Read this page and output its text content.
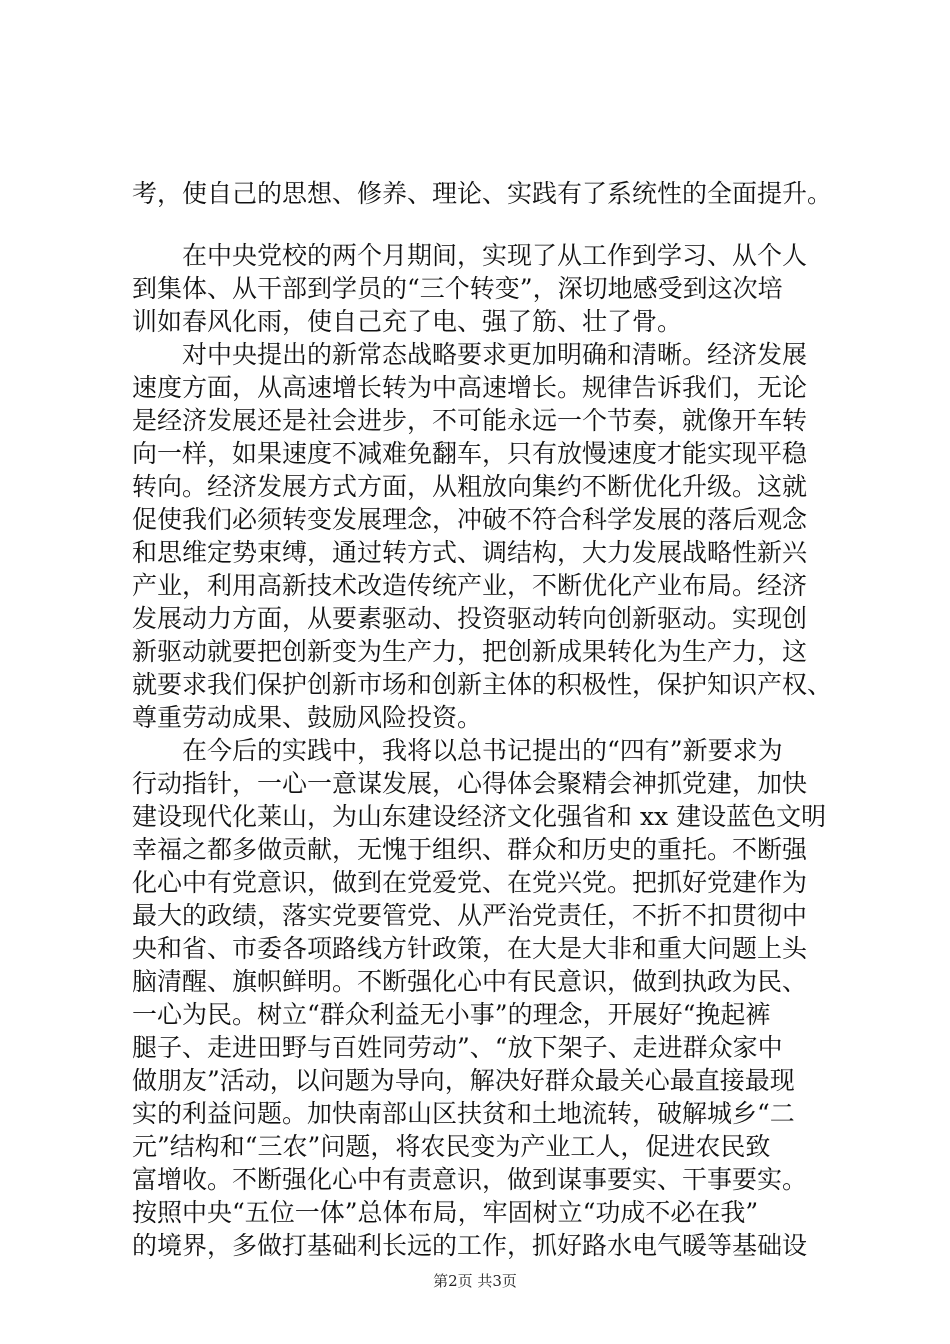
考，使自己的思想、修养、理论、实践有了系统性的全面提升。
　　在中央党校的两个月期间，实现了从工作到学习、从个人
到集体、从干部到学员的“三个转变”，深切地感受到这次培
训如春风化雨，使自己充了电、强了筋、壮了骨。
　　对中央提出的新常态战略要求更加明确和清晰。经济发展
速度方面，从高速增长转为中高速增长。规律告诉我们，无论
是经济发展还是社会进步，不可能永远一个节奏，就像开车转
向一样，如果速度不减难免翻车，只有放慢速度才能实现平稳
转向。经济发展方式方面，从粗放向集约不断优化升级。这就
促使我们必须转变发展理念，冲破不符合科学发展的落后观念
和思维定势束缚，通过转方式、调结构，大力发展战略性新兴
产业，利用高新技术改造传统产业，不断优化产业布局。经济
发展动力方面，从要素驱动、投资驱动转向创新驱动。实现创
新驱动就要把创新变为生产力，把创新成果转化为生产力，这
就要求我们保护创新市场和创新主体的积极性，保护知识产权、
尊重劳动成果、鼓励风险投资。
　　在今后的实践中，我将以总书记提出的“四有”新要求为
行动指针，一心一意谋发展，心得体会聚精会神抓党建，加快
建设现代化莱山，为山东建设经济文化强省和 xx 建设蓝色文明
幸福之都多做贡献，无愧于组织、群众和历史的重托。不断强
化心中有党意识，做到在党爱党、在党兴党。把抓好党建作为
最大的政绩，落实党要管党、从严治党责任，不折不扣贯彻中
央和省、市委各项路线方针政策，在大是大非和重大问题上头
脑清醒、旗帜鲜明。不断强化心中有民意识，做到执政为民、
一心为民。树立“群众利益无小事”的理念，开展好“挽起裤
腿子、走进田野与百姓同劳动”、“放下架子、走进群众家中
做朋友”活动，以问题为导向，解决好群众最关心最直接最现
实的利益问题。加快南部山区扶贫和土地流转，破解城乡“二
元”结构和“三农”问题，将农民变为产业工人，促进农民致
富增收。不断强化心中有责意识，做到谋事要实、干事要实。
按照中央“五位一体”总体布局，牢固树立“功成不必在我”
的境界，多做打基础利长远的工作，抓好路水电气暖等基础设
第2页 共3页
